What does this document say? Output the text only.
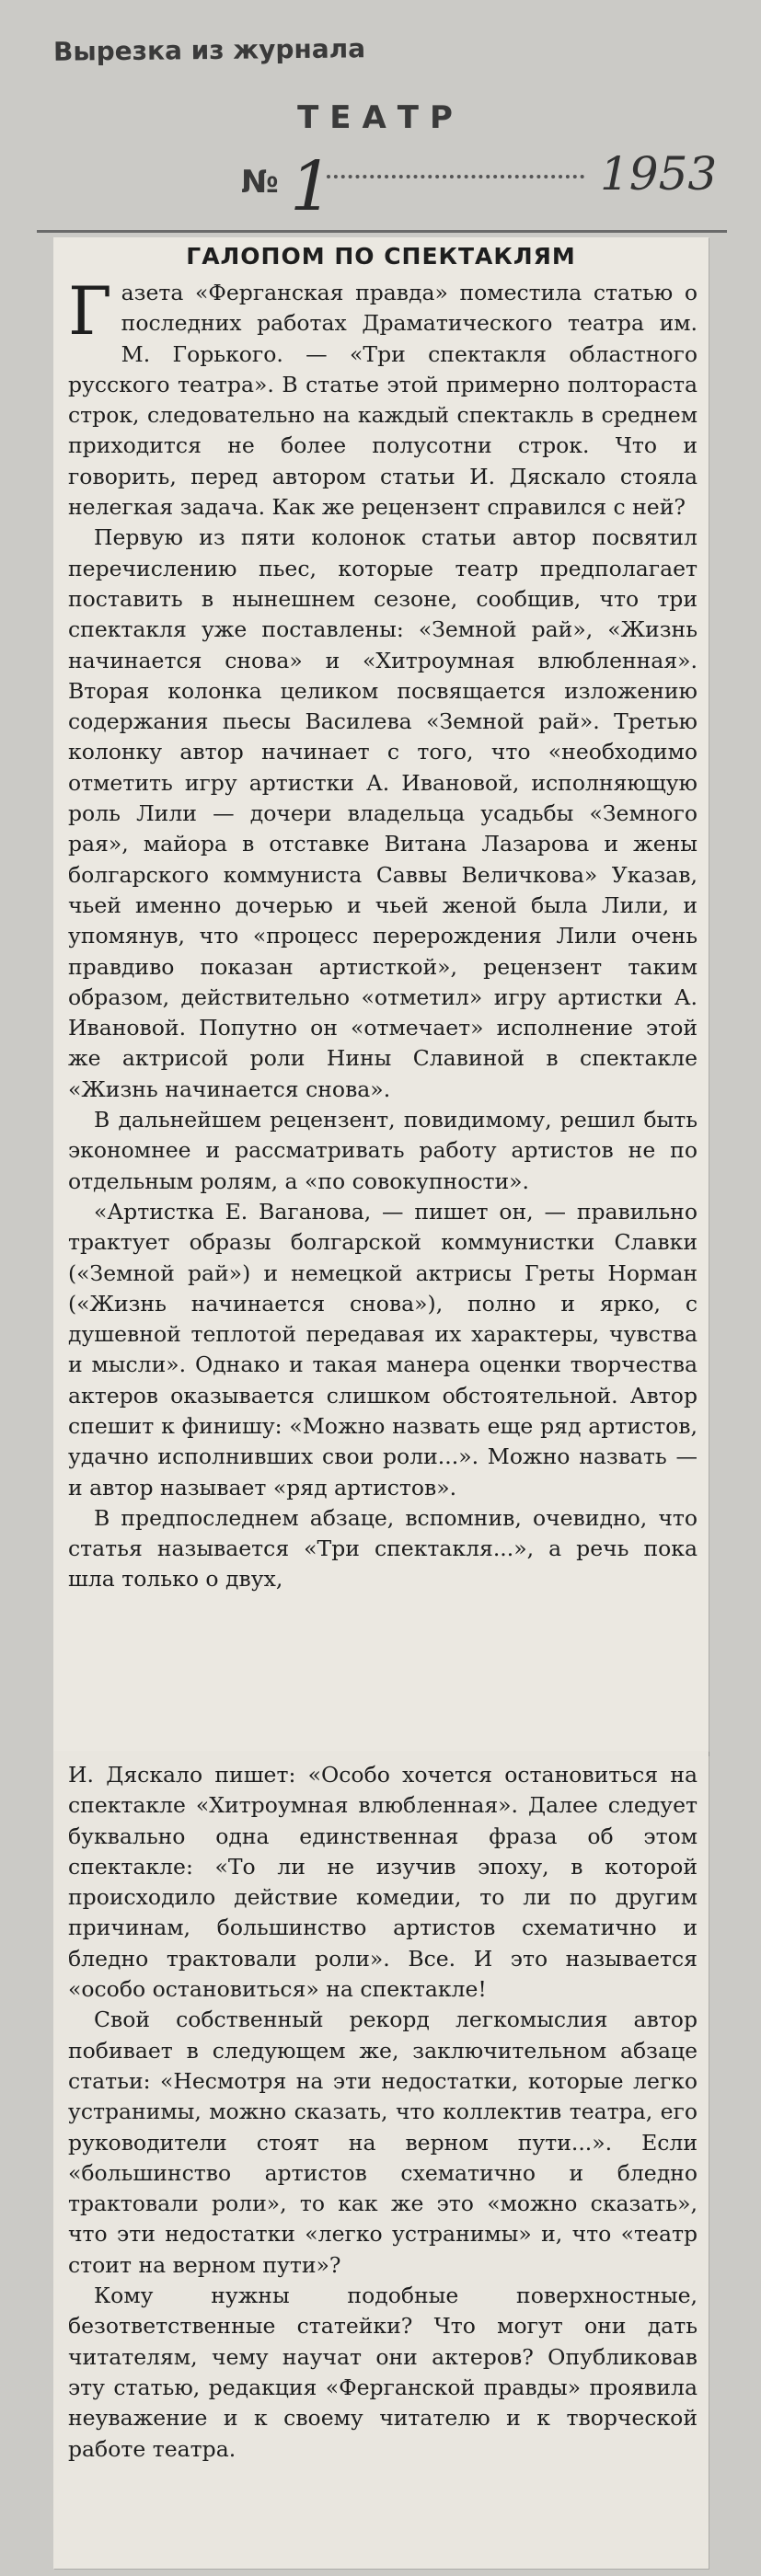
Вырезка из журнала
ТЕАТР
№ 1	1953
ГАЛОПОМ ПО СПЕКТАКЛЯМ

Газета «Ферганская правда» поместила статью о последних работах Драматического театра им. М. Горького. — «Три спектакля областного русского театра». В статье этой примерно полтораста строк, следовательно на каждый спектакль в среднем приходится не более полусотни строк. Что и говорить, перед автором статьи И. Дяскало стояла нелегкая задача. Как же рецензент справился с ней?

Первую из пяти колонок статьи автор посвятил перечислению пьес, которые театр предполагает поставить в нынешнем сезоне, сообщив, что три спектакля уже поставлены: «Земной рай», «Жизнь начинается снова» и «Хитроумная влюбленная». Вторая колонка целиком посвящается изложению содержания пьесы Василева «Земной рай». Третью колонку автор начинает с того, что «необходимо отметить игру артистки А. Ивановой, исполняющую роль Лили — дочери владельца усадьбы «Земного рая», майора в отставке Витана Лазарова и жены болгарского коммуниста Саввы Величкова» Указав, чьей именно дочерью и чьей женой была Лили, и упомянув, что «процесс перерождения Лили очень правдиво показан артисткой», рецензент таким образом, действительно «отметил» игру артистки А. Ивановой. Попутно он «отмечает» исполнение этой же актрисой роли Нины Славиной в спектакле «Жизнь начинается снова».

В дальнейшем рецензент, повидимому, решил быть экономнее и рассматривать работу артистов не по отдельным ролям, а «по совокупности».

«Артистка Е. Ваганова, — пишет он, — правильно трактует образы болгарской коммунистки Славки («Земной рай») и немецкой актрисы Греты Норман («Жизнь начинается снова»), полно и ярко, с душевной теплотой передавая их характеры, чувства и мысли». Однако и такая манера оценки творчества актеров оказывается слишком обстоятельной. Автор спешит к финишу: «Можно назвать еще ряд артистов, удачно исполнивших свои роли...». Можно назвать — и автор называет «ряд артистов».

В предпоследнем абзаце, вспомнив, очевидно, что статья называется «Три спектакля...», а речь пока шла только о двух,

И. Дяскало пишет: «Особо хочется остановиться на спектакле «Хитроумная влюбленная». Далее следует буквально одна единственная фраза об этом спектакле: «То ли не изучив эпоху, в которой происходило действие комедии, то ли по другим причинам, большинство артистов схематично и бледно трактовали роли». Все. И это называется «особо остановиться» на спектакле!

Свой собственный рекорд легкомыслия автор побивает в следующем же, заключительном абзаце статьи: «Несмотря на эти недостатки, которые легко устранимы, можно сказать, что коллектив театра, его руководители стоят на верном пути...». Если «большинство артистов схематично и бледно трактовали роли», то как же это «можно сказать», что эти недостатки «легко устранимы» и, что «театр стоит на верном пути»?

Кому нужны подобные поверхностные, безответственные статейки? Что могут они дать читателям, чему научат они актеров? Опубликовав эту статью, редакция «Ферганской правды» проявила неуважение и к своему читателю и к творческой работе театра.
